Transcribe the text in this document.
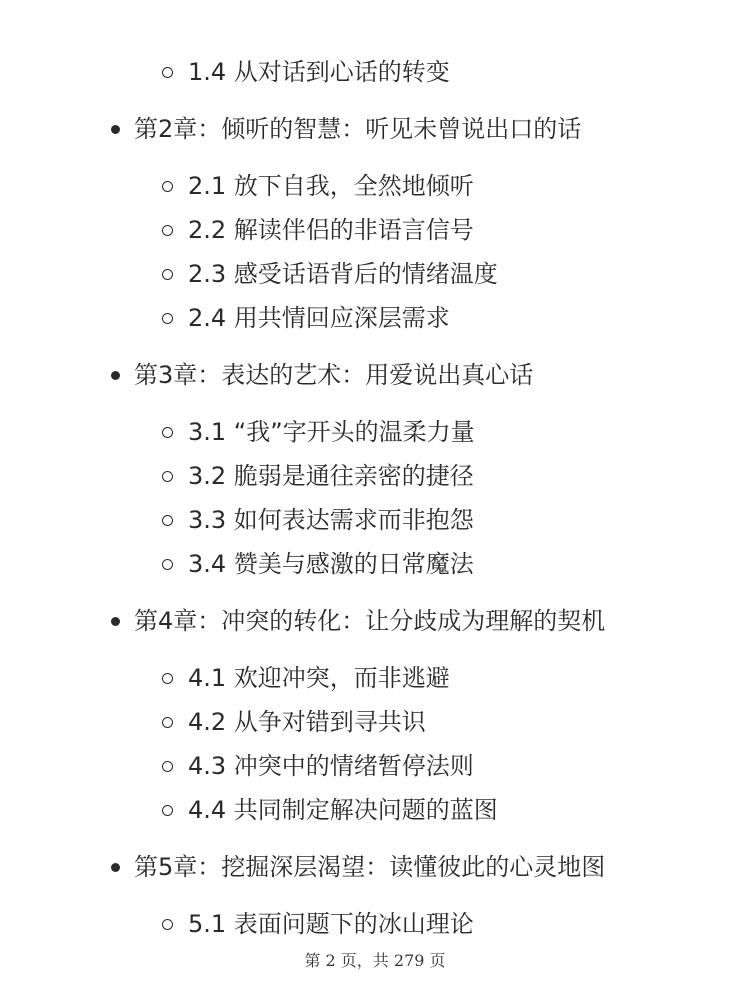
1.4 从对话到心话的转变
第2章：倾听的智慧：听见未曾说出口的话
2.1 放下自我，全然地倾听
2.2 解读伴侣的非语言信号
2.3 感受话语背后的情绪温度
2.4 用共情回应深层需求
第3章：表达的艺术：用爱说出真心话
3.1 “我”字开头的温柔力量
3.2 脆弱是通往亲密的捷径
3.3 如何表达需求而非抱怨
3.4 赞美与感激的日常魔法
第4章：冲突的转化：让分歧成为理解的契机
4.1 欢迎冲突，而非逃避
4.2 从争对错到寻共识
4.3 冲突中的情绪暂停法则
4.4 共同制定解决问题的蓝图
第5章：挖掘深层渴望：读懂彼此的心灵地图
5.1 表面问题下的冰山理论
第 2 页，共 279 页
